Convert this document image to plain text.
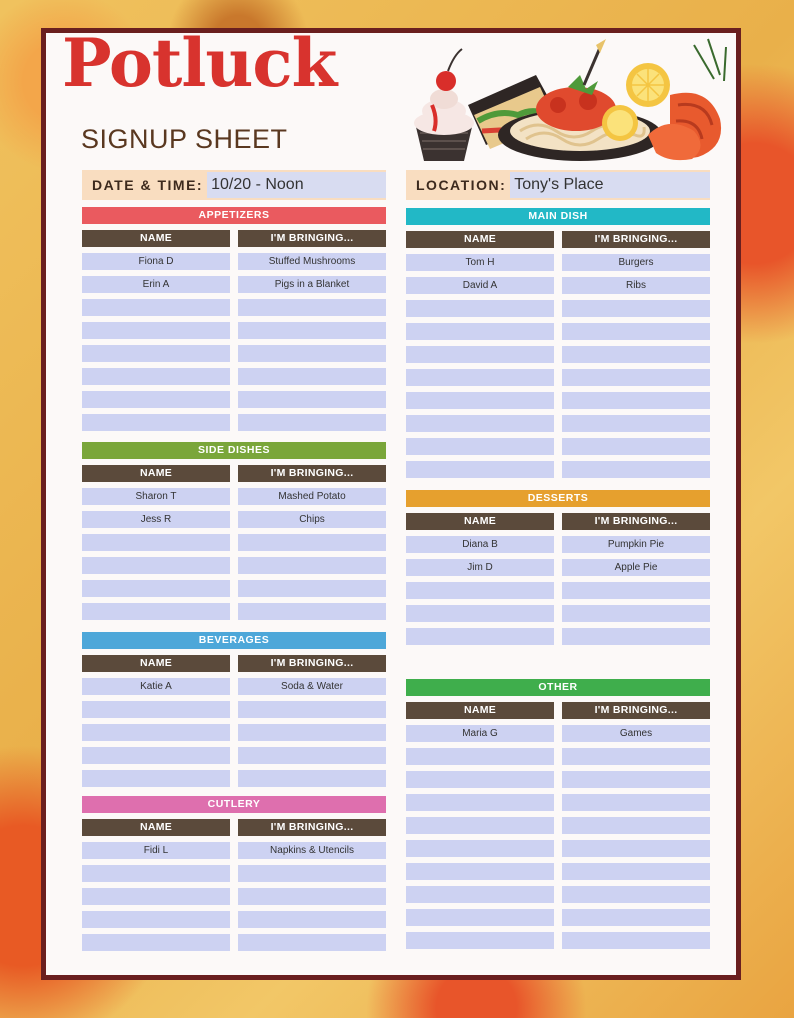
Potluck
SIGNUP SHEET
DATE & TIME: 10/20 - Noon	LOCATION: Tony's Place
APPETIZERS
NAME
Fiona D
Erin A
I'M BRINGING...
Stuffed Mushrooms
Pigs in a Blanket
SIDE DISHES
NAME
Sharon T
Jess R
I'M BRINGING...
Mashed Potato
Chips
BEVERAGES
NAME
Katie A
I'M BRINGING...
Soda & Water
CUTLERY
NAME
Fidi L
I'M BRINGING...
Napkins & Utencils
MAIN DISH
NAME
Tom H
David A
I'M BRINGING...
Burgers
Ribs
DESSERTS
NAME
Diana B
Jim D
I'M BRINGING...
Pumpkin Pie
Apple Pie
OTHER
NAME
Maria G
I'M BRINGING...
Games
